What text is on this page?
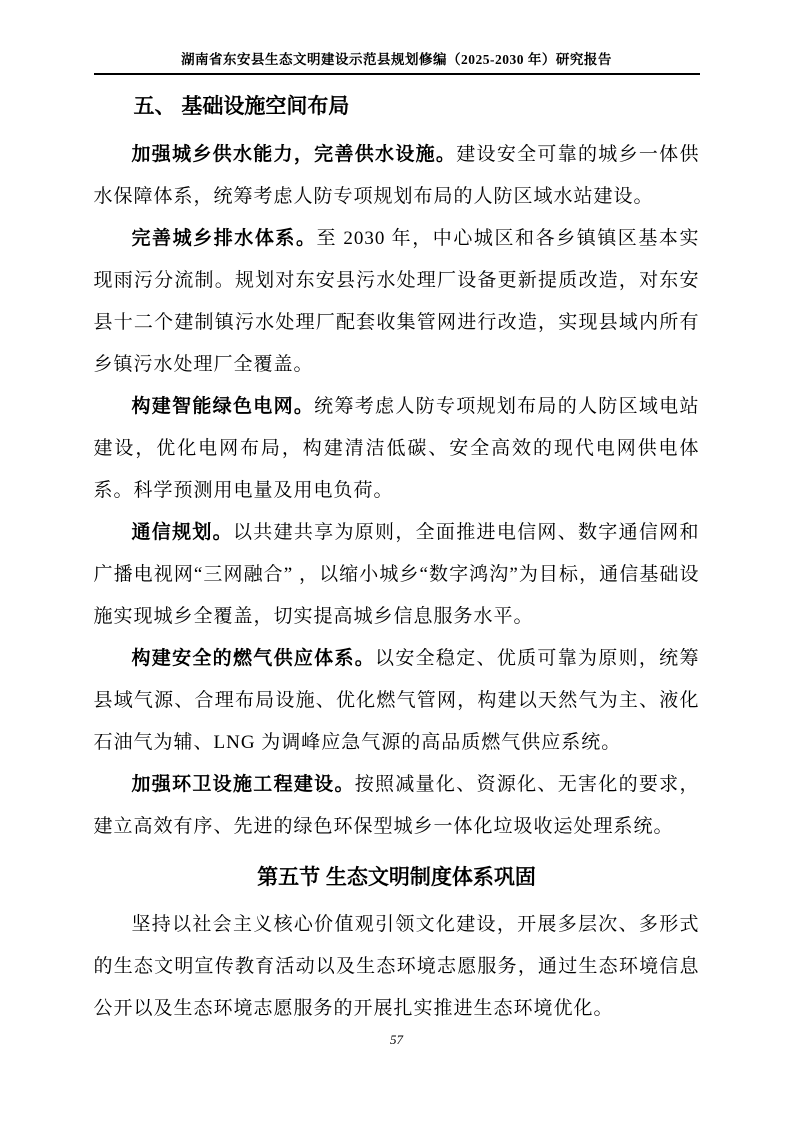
湖南省东安县生态文明建设示范县规划修编（2025-2030 年）研究报告
五、 基础设施空间布局

加强城乡供水能力，完善供水设施。建设安全可靠的城乡一体供水保障体系，统筹考虑人防专项规划布局的人防区域水站建设。

完善城乡排水体系。至 2030 年，中心城区和各乡镇镇区基本实现雨污分流制。规划对东安县污水处理厂设备更新提质改造，对东安县十二个建制镇污水处理厂配套收集管网进行改造，实现县域内所有乡镇污水处理厂全覆盖。

构建智能绿色电网。统筹考虑人防专项规划布局的人防区域电站建设，优化电网布局，构建清洁低碳、安全高效的现代电网供电体系。科学预测用电量及用电负荷。

通信规划。以共建共享为原则，全面推进电信网、数字通信网和广播电视网“三网融合” ，以缩小城乡“数字鸿沟”为目标，通信基础设施实现城乡全覆盖，切实提高城乡信息服务水平。

构建安全的燃气供应体系。以安全稳定、优质可靠为原则，统筹县域气源、合理布局设施、优化燃气管网，构建以天然气为主、液化石油气为辅、LNG 为调峰应急气源的高品质燃气供应系统。

加强环卫设施工程建设。按照减量化、资源化、无害化的要求，建立高效有序、先进的绿色环保型城乡一体化垃圾收运处理系统。

第五节 生态文明制度体系巩固

坚持以社会主义核心价值观引领文化建设，开展多层次、多形式的生态文明宣传教育活动以及生态环境志愿服务，通过生态环境信息公开以及生态环境志愿服务的开展扎实推进生态环境优化。

57
